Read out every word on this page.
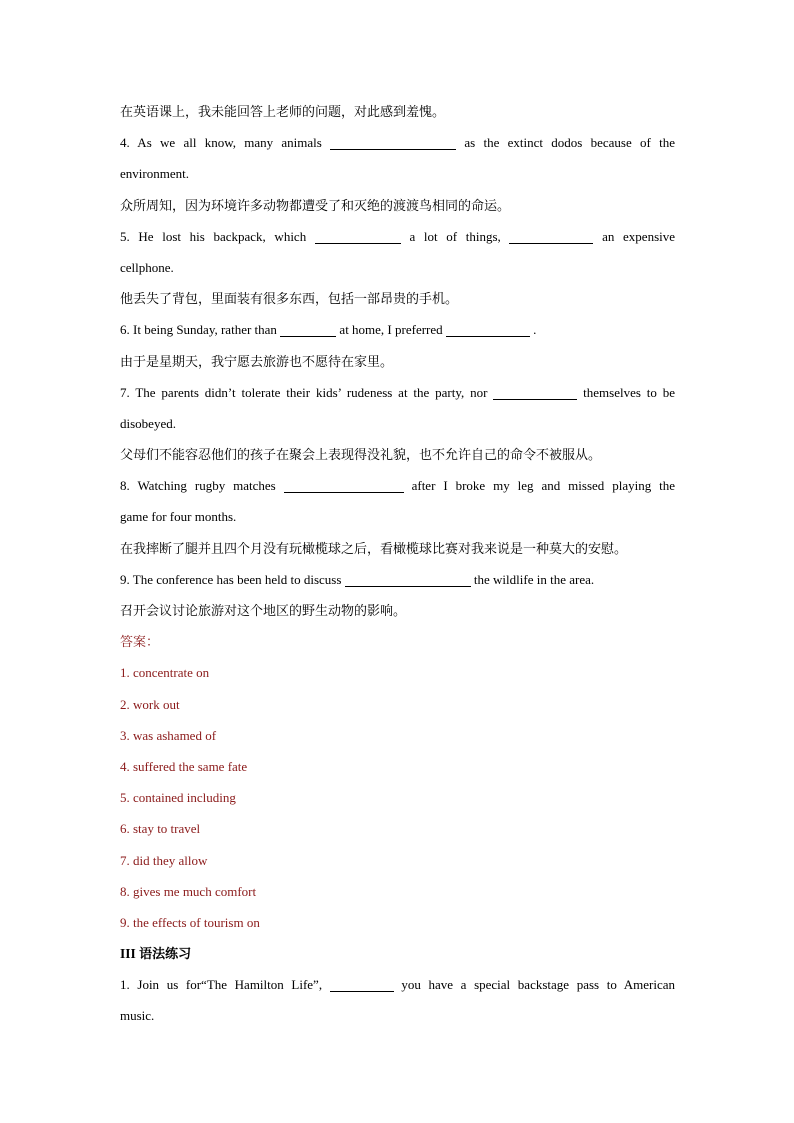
在英语课上，我未能回答上老师的问题，对此感到羞愧。
4. As we all know, many animals	as the extinct dodos because of the
environment.
众所周知，因为环境许多动物都遭受了和灭绝的渡渡鸟相同的命运。
5. He lost his backpack, which	a lot of things,	an expensive
cellphone.
他丢失了背包，里面装有很多东西，包括一部昂贵的手机。
6. It being Sunday, rather than	at home, I preferred	.
由于是星期天，我宁愿去旅游也不愿待在家里。
7. The parents didn’t tolerate their kids’ rudeness at the party, nor	themselves to be
disobeyed.
父母们不能容忍他们的孩子在聚会上表现得没礼貌，也不允许自己的命令不被服从。
8. Watching rugby matches	after I broke my leg and missed playing the
game for four months.
在我摔断了腿并且四个月没有玩橄榄球之后，看橄榄球比赛对我来说是一种莫大的安慰。
9. The conference has been held to discuss	the wildlife in the area.
召开会议讨论旅游对这个地区的野生动物的影响。
答案：
1. concentrate on
2. work out
3. was ashamed of
4. suffered the same fate
5. contained including
6. stay to travel
7. did they allow
8. gives me much comfort
9. the effects of tourism on
III 语法练习
1. Join us for“The Hamilton Life”,	you have a special backstage pass to American
music.
